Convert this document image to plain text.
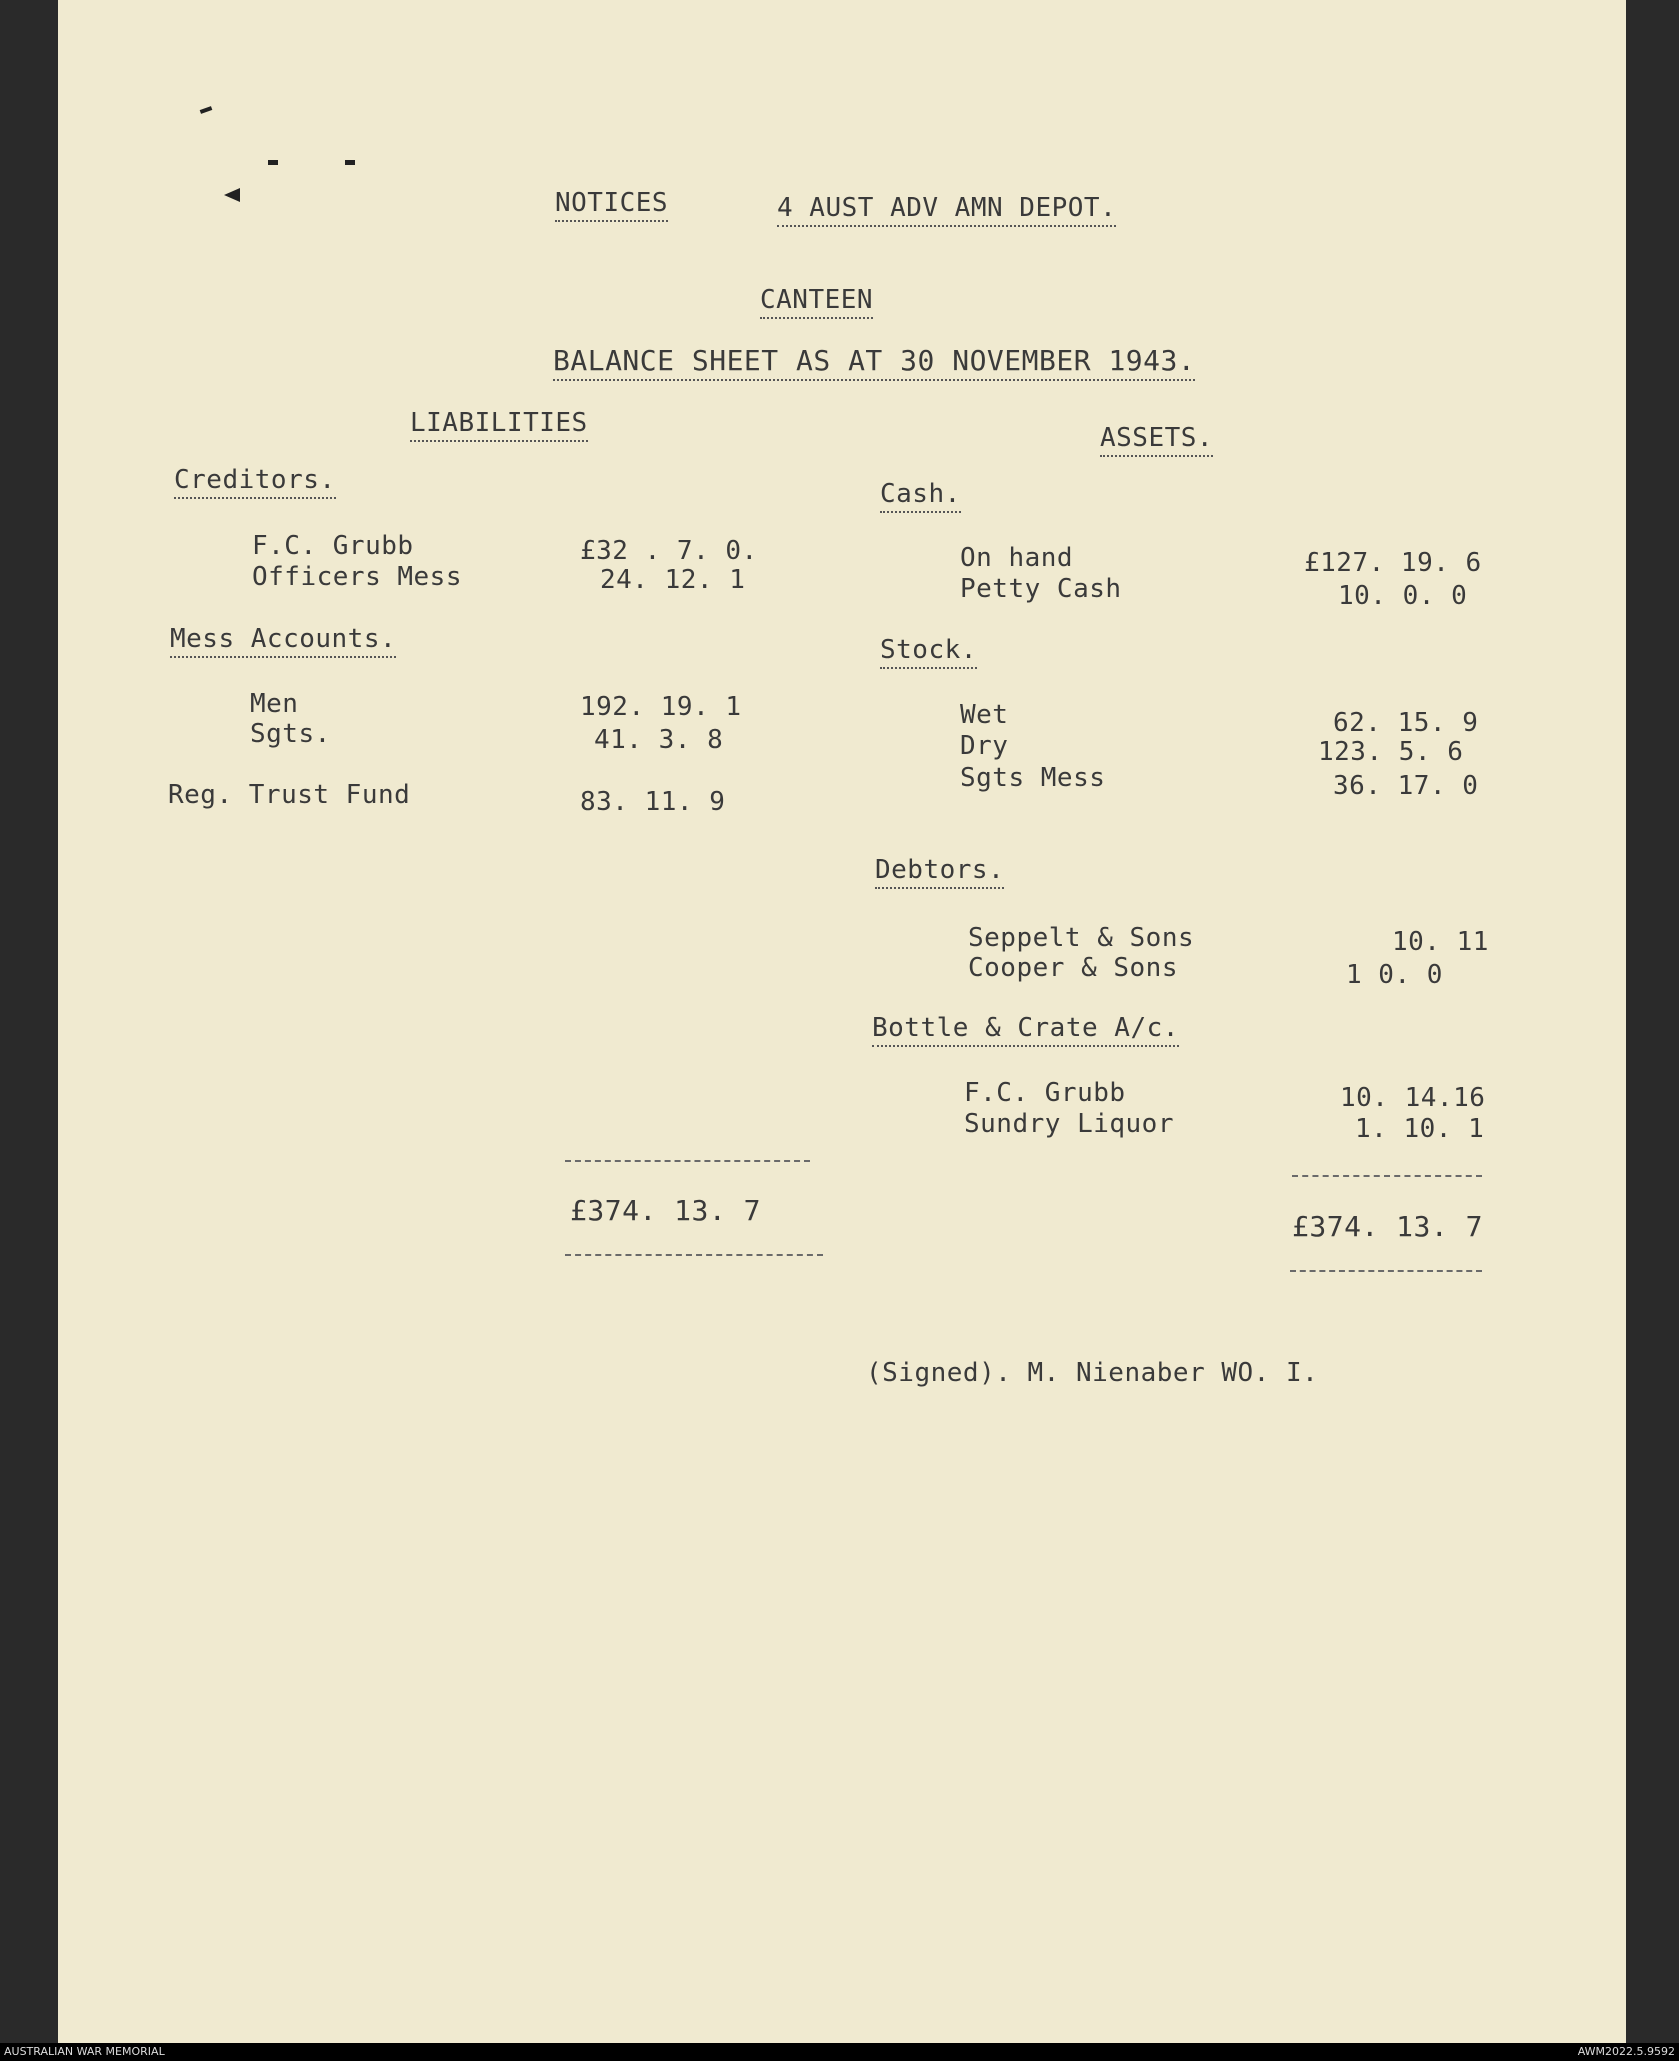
NOTICES	4 AUST ADV AMN DEPOT.
CANTEEN
BALANCE SHEET AS AT 30 NOVEMBER 1943.
LIABILITIES
Creditors.
F.C. Grubb	£32 . 7. 0.
Officers Mess	24. 12. 1
Mess Accounts.
Men	192. 19. 1
Sgts.	41. 3. 8
Reg. Trust Fund	83. 11. 9
£374. 13. 7
ASSETS.
Cash.
On hand	£127. 19. 6
Petty Cash	10. 0. 0
Stock.
Wet	62. 15. 9
Dry	123. 5. 6
Sgts Mess	36. 17. 0
Debtors.
Seppelt & Sons	10. 11
Cooper & Sons	1 0. 0
Bottle & Crate A/c.
F.C. Grubb	10. 14.16
Sundry Liquor	1. 10. 1
£374. 13. 7
(Signed). M. Nienaber WO. I.
AUSTRALIAN WAR MEMORIAL	AWM2022.5.9592
